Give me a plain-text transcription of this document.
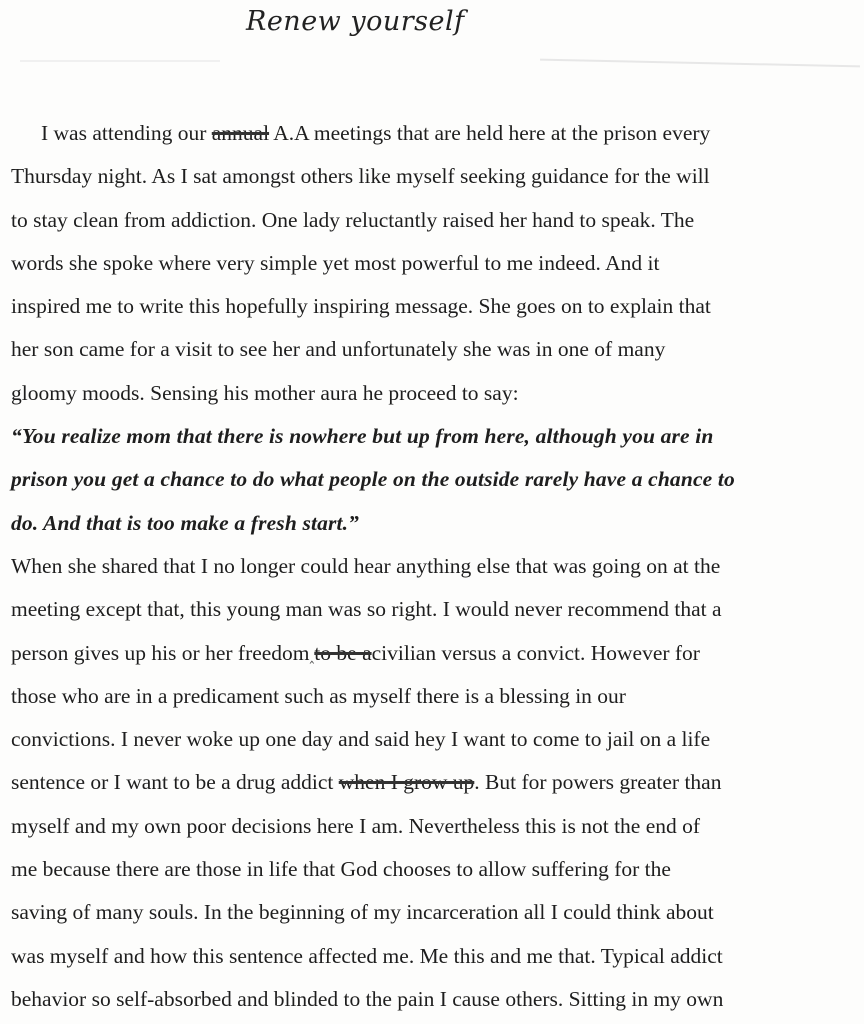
Renew yourself
I was attending our annual A.A meetings that are held here at the prison every
Thursday night. As I sat amongst others like myself seeking guidance for the will
to stay clean from addiction. One lady reluctantly raised her hand to speak. The
words she spoke where very simple yet most powerful to me indeed. And it
inspired me to write this hopefully inspiring message. She goes on to explain that
her son came for a visit to see her and unfortunately she was in one of many
gloomy moods. Sensing his mother aura he proceed to say:
“You realize mom that there is nowhere but up from here, although you are in
prison you get a chance to do what people on the outside rarely have a chance to
do. And that is too make a fresh start.”
When she shared that I no longer could hear anything else that was going on at the
meeting except that, this young man was so right. I would never recommend that a
person gives up his or her freedom‸to be acivilian versus a convict. However for
those who are in a predicament such as myself there is a blessing in our
convictions. I never woke up one day and said hey I want to come to jail on a life
sentence or I want to be a drug addict when I grow up. But for powers greater than
myself and my own poor decisions here I am. Nevertheless this is not the end of
me because there are those in life that God chooses to allow suffering for the
saving of many souls. In the beginning of my incarceration all I could think about
was myself and how this sentence affected me. Me this and me that. Typical addict
behavior so self-absorbed and blinded to the pain I cause others. Sitting in my own
